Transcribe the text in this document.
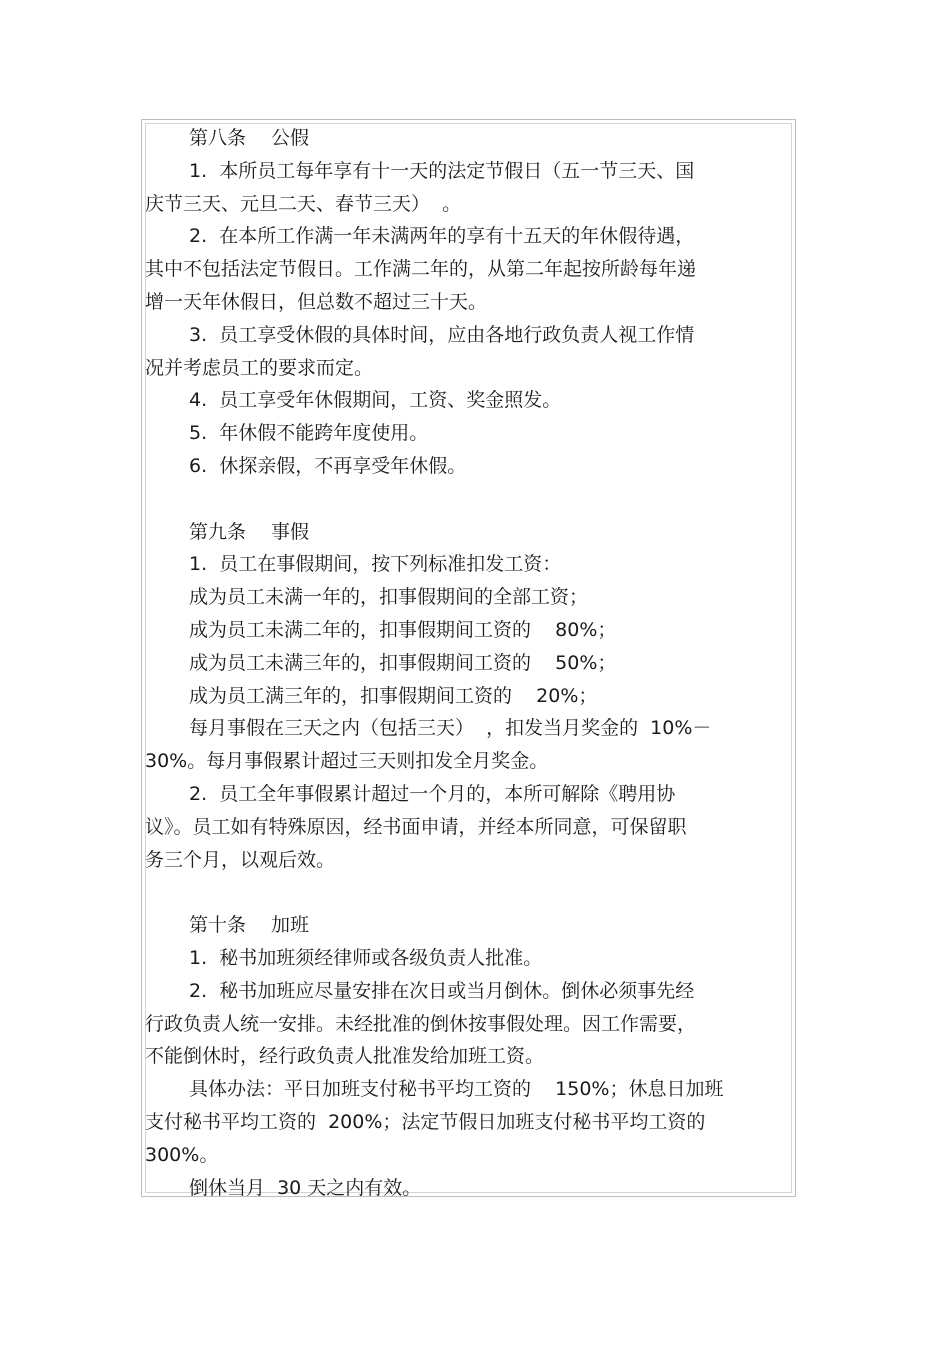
第八条　 公假

1.  本所员工每年享有十一天的法定节假日（五一节三天、国

庆节三天、元旦二天、春节三天）  。

2.  在本所工作满一年未满两年的享有十五天的年休假待遇，

其中不包括法定节假日。工作满二年的，从第二年起按所龄每年递

增一天年休假日，但总数不超过三十天。

3.  员工享受休假的具体时间，应由各地行政负责人视工作情

况并考虑员工的要求而定。

4.  员工享受年休假期间，工资、奖金照发。

5.  年休假不能跨年度使用。

6.  休探亲假，不再享受年休假。

第九条　 事假

1.  员工在事假期间，按下列标准扣发工资：

成为员工未满一年的，扣事假期间的全部工资；

成为员工未满二年的，扣事假期间工资的    80%；

成为员工未满三年的，扣事假期间工资的    50%；

成为员工满三年的，扣事假期间工资的    20%；

每月事假在三天之内（包括三天）  ，扣发当月奖金的  10%－

30%。每月事假累计超过三天则扣发全月奖金。

2.  员工全年事假累计超过一个月的，本所可解除《聘用协

议》。员工如有特殊原因，经书面申请，并经本所同意，可保留职

务三个月，以观后效。

第十条　 加班

1.  秘书加班须经律师或各级负责人批准。

2.  秘书加班应尽量安排在次日或当月倒休。倒休必须事先经

行政负责人统一安排。未经批准的倒休按事假处理。因工作需要，

不能倒休时，经行政负责人批准发给加班工资。

具体办法：平日加班支付秘书平均工资的    150%；休息日加班

支付秘书平均工资的  200%；法定节假日加班支付秘书平均工资的

300%。

倒休当月  30 天之内有效。
